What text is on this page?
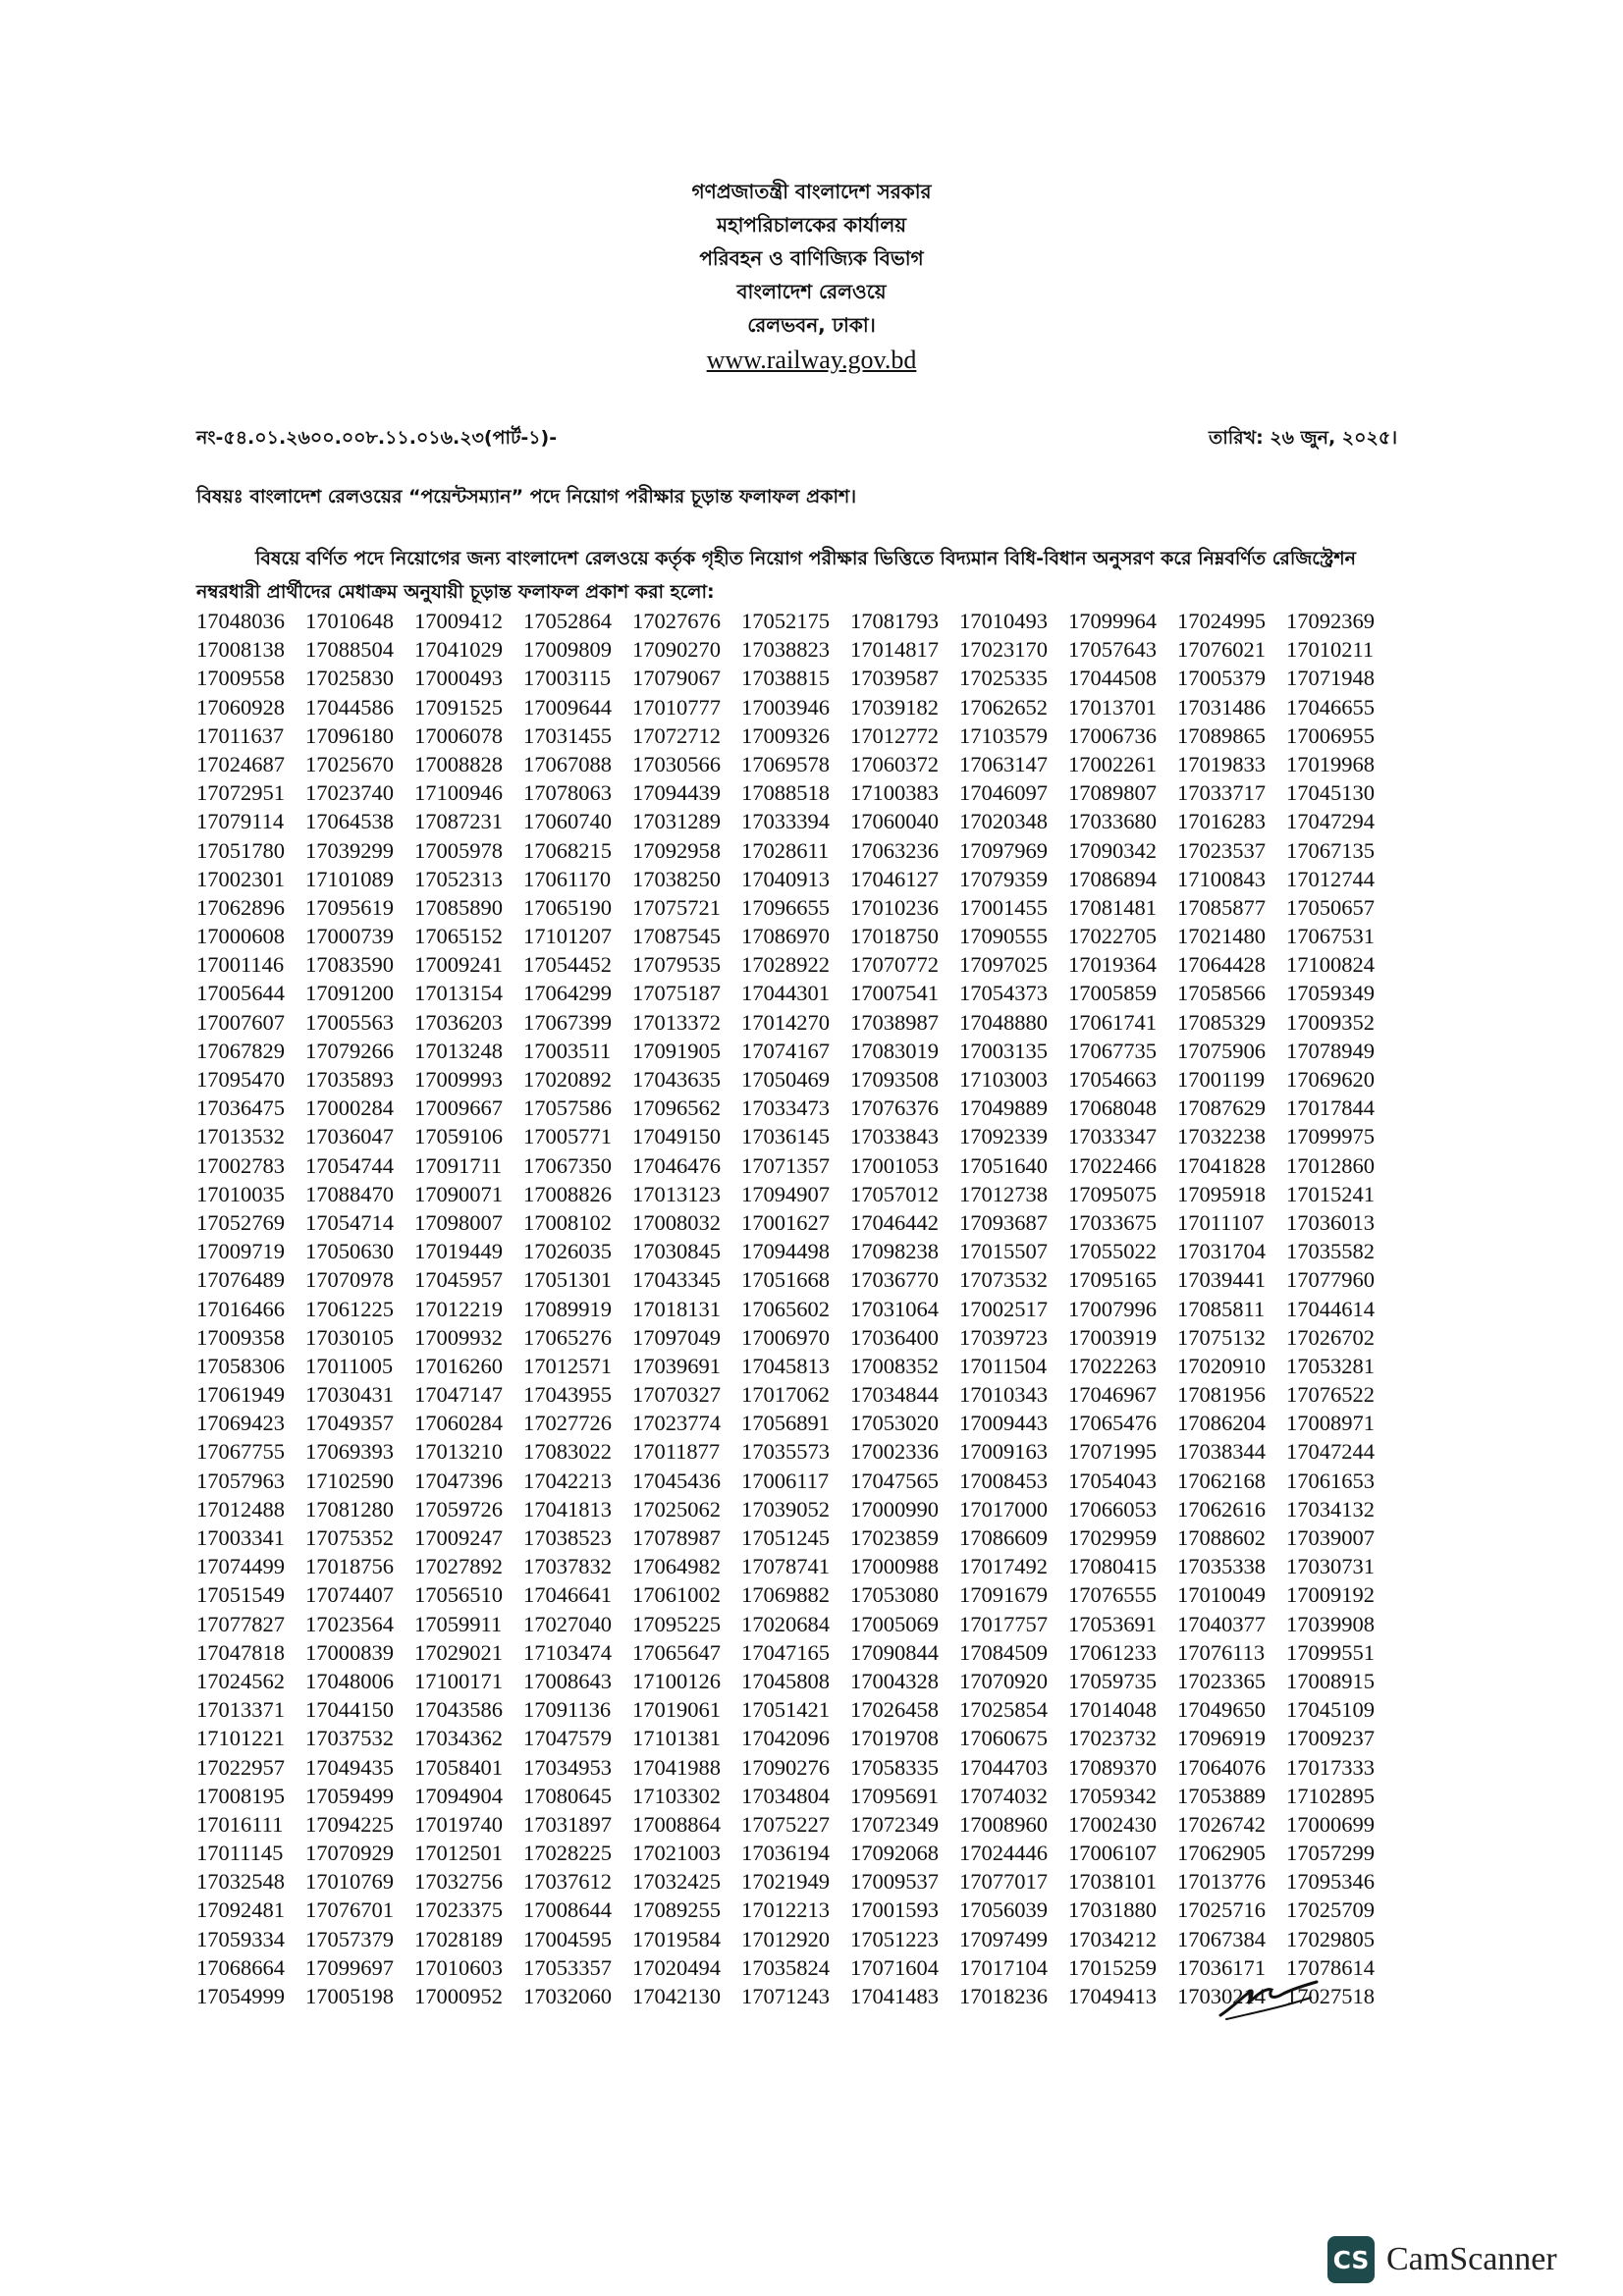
গণপ্রজাতন্ত্রী বাংলাদেশ সরকার
মহাপরিচালকের কার্যালয়
পরিবহন ও বাণিজ্যিক বিভাগ
বাংলাদেশ রেলওয়ে
রেলভবন, ঢাকা।
www.railway.gov.bd
নং-৫৪.০১.২৬০০.০০৮.১১.০১৬.২৩(পার্ট-১)-	তারিখ: ২৬ জুন, ২০২৫।
বিষয়ঃ বাংলাদেশ রেলওয়ের “পয়েন্টসম্যান” পদে নিয়োগ পরীক্ষার চূড়ান্ত ফলাফল প্রকাশ।
বিষয়ে বর্ণিত পদে নিয়োগের জন্য বাংলাদেশ রেলওয়ে কর্তৃক গৃহীত নিয়োগ পরীক্ষার ভিত্তিতে বিদ্যমান বিধি-বিধান অনুসরণ করে নিম্নবর্ণিত রেজিস্ট্রেশন নম্বরধারী প্রার্থীদের মেধাক্রম অনুযায়ী চূড়ান্ত ফলাফল প্রকাশ করা হলো:
17048036 17010648 17009412 17052864 17027676 17052175 17081793 17010493 17099964 17024995 17092369
17008138 17088504 17041029 17009809 17090270 17038823 17014817 17023170 17057643 17076021 17010211
17009558 17025830 17000493 17003115 17079067 17038815 17039587 17025335 17044508 17005379 17071948
17060928 17044586 17091525 17009644 17010777 17003946 17039182 17062652 17013701 17031486 17046655
17011637 17096180 17006078 17031455 17072712 17009326 17012772 17103579 17006736 17089865 17006955
17024687 17025670 17008828 17067088 17030566 17069578 17060372 17063147 17002261 17019833 17019968
17072951 17023740 17100946 17078063 17094439 17088518 17100383 17046097 17089807 17033717 17045130
17079114 17064538 17087231 17060740 17031289 17033394 17060040 17020348 17033680 17016283 17047294
17051780 17039299 17005978 17068215 17092958 17028611 17063236 17097969 17090342 17023537 17067135
17002301 17101089 17052313 17061170 17038250 17040913 17046127 17079359 17086894 17100843 17012744
17062896 17095619 17085890 17065190 17075721 17096655 17010236 17001455 17081481 17085877 17050657
17000608 17000739 17065152 17101207 17087545 17086970 17018750 17090555 17022705 17021480 17067531
17001146 17083590 17009241 17054452 17079535 17028922 17070772 17097025 17019364 17064428 17100824
17005644 17091200 17013154 17064299 17075187 17044301 17007541 17054373 17005859 17058566 17059349
17007607 17005563 17036203 17067399 17013372 17014270 17038987 17048880 17061741 17085329 17009352
17067829 17079266 17013248 17003511 17091905 17074167 17083019 17003135 17067735 17075906 17078949
17095470 17035893 17009993 17020892 17043635 17050469 17093508 17103003 17054663 17001199 17069620
17036475 17000284 17009667 17057586 17096562 17033473 17076376 17049889 17068048 17087629 17017844
17013532 17036047 17059106 17005771 17049150 17036145 17033843 17092339 17033347 17032238 17099975
17002783 17054744 17091711 17067350 17046476 17071357 17001053 17051640 17022466 17041828 17012860
17010035 17088470 17090071 17008826 17013123 17094907 17057012 17012738 17095075 17095918 17015241
17052769 17054714 17098007 17008102 17008032 17001627 17046442 17093687 17033675 17011107	17036013
17009719 17050630 17019449 17026035 17030845 17094498 17098238 17015507 17055022 17031704 17035582
17076489 17070978 17045957 17051301 17043345 17051668 17036770 17073532 17095165 17039441 17077960
17016466 17061225 17012219 17089919 17018131 17065602 17031064 17002517 17007996 17085811 17044614
17009358 17030105 17009932 17065276 17097049 17006970 17036400 17039723 17003919 17075132 17026702
17058306 17011005 17016260 17012571 17039691 17045813 17008352 17011504 17022263 17020910 17053281
17061949 17030431 17047147 17043955 17070327 17017062 17034844 17010343 17046967 17081956 17076522
17069423 17049357 17060284 17027726 17023774 17056891 17053020 17009443 17065476 17086204 17008971
17067755 17069393 17013210 17083022 17011877 17035573 17002336 17009163 17071995 17038344 17047244
17057963 17102590 17047396 17042213 17045436 17006117 17047565 17008453 17054043 17062168 17061653
17012488 17081280 17059726 17041813 17025062 17039052 17000990 17017000 17066053 17062616 17034132
17003341 17075352 17009247 17038523 17078987 17051245 17023859 17086609 17029959 17088602 17039007
17074499 17018756 17027892 17037832 17064982 17078741 17000988 17017492 17080415 17035338 17030731
17051549 17074407 17056510 17046641 17061002 17069882 17053080 17091679 17076555 17010049 17009192
17077827 17023564 17059911 17027040 17095225 17020684 17005069 17017757 17053691 17040377 17039908
17047818 17000839 17029021 17103474 17065647 17047165 17090844 17084509 17061233 17076113 17099551
17024562 17048006 17100171 17008643 17100126 17045808 17004328 17070920 17059735 17023365 17008915
17013371 17044150 17043586 17091136 17019061 17051421 17026458 17025854 17014048 17049650 17045109
17101221 17037532 17034362 17047579 17101381 17042096 17019708 17060675 17023732 17096919 17009237
17022957 17049435 17058401 17034953 17041988 17090276 17058335 17044703 17089370 17064076 17017333
17008195 17059499 17094904 17080645 17103302 17034804 17095691 17074032 17059342 17053889 17102895
17016111	17094225 17019740 17031897 17008864 17075227 17072349 17008960 17002430 17026742 17000699
17011145	17070929 17012501 17028225 17021003 17036194 17092068 17024446 17006107 17062905 17057299
17032548 17010769 17032756 17037612 17032425 17021949 17009537 17077017 17038101 17013776 17095346
17092481 17076701 17023375 17008644 17089255 17012213 17001593 17056039 17031880 17025716 17025709
17059334 17057379 17028189 17004595 17019584 17012920 17051223 17097499 17034212 17067384 17029805
17068664 17099697 17010603 17053357 17020494 17035824 17071604 17017104 17015259 17036171 17078614
17054999 17005198 17000952 17032060 17042130 17071243 17041483 17018236 17049413 17030214 17027518
CS CamScanner
